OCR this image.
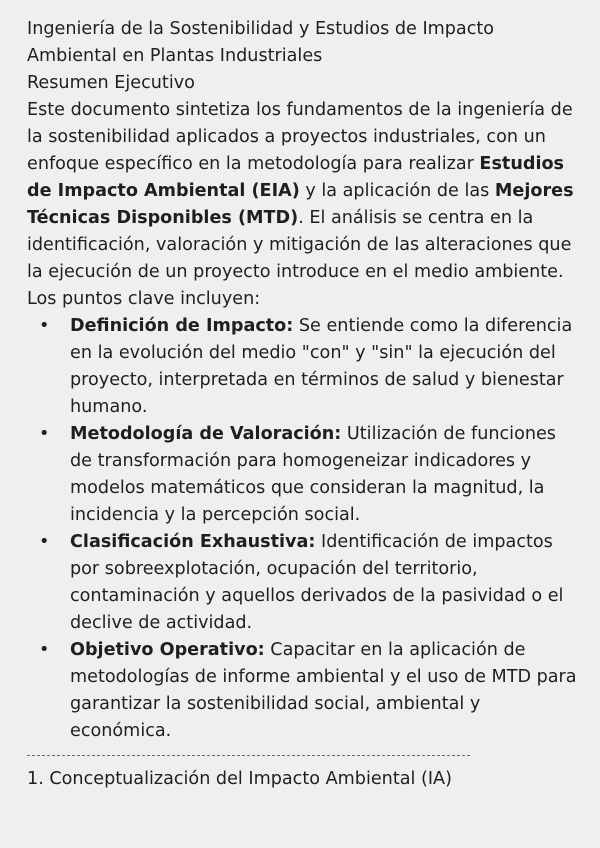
Ingeniería de la Sostenibilidad y Estudios de Impacto Ambiental en Plantas Industriales

Resumen Ejecutivo

Este documento sintetiza los fundamentos de la ingeniería de la sostenibilidad aplicados a proyectos industriales, con un enfoque específico en la metodología para realizar Estudios de Impacto Ambiental (EIA) y la aplicación de las Mejores Técnicas Disponibles (MTD). El análisis se centra en la identificación, valoración y mitigación de las alteraciones que la ejecución de un proyecto introduce en el medio ambiente.

Los puntos clave incluyen:

• Definición de Impacto: Se entiende como la diferencia en la evolución del medio "con" y "sin" la ejecución del proyecto, interpretada en términos de salud y bienestar humano.
• Metodología de Valoración: Utilización de funciones de transformación para homogeneizar indicadores y modelos matemáticos que consideran la magnitud, la incidencia y la percepción social.
• Clasificación Exhaustiva: Identificación de impactos por sobreexplotación, ocupación del territorio, contaminación y aquellos derivados de la pasividad o el declive de actividad.
• Objetivo Operativo: Capacitar en la aplicación de metodologías de informe ambiental y el uso de MTD para garantizar la sostenibilidad social, ambiental y económica.

1. Conceptualización del Impacto Ambiental (IA)
